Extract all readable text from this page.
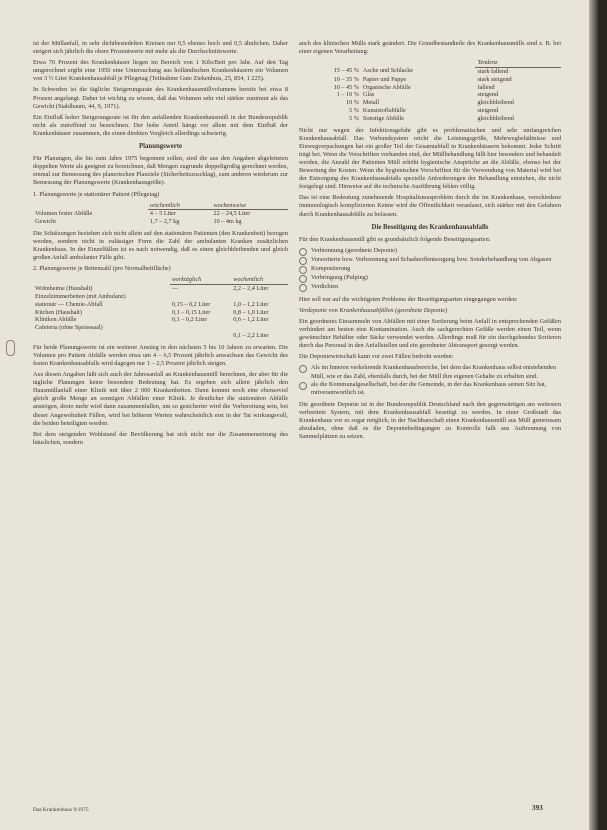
ist der Müllanfall, in sehr dichtbesiedelten Kreisen nur 0,5 ebenso hoch und 0,5 ähnlichen. Daher steigert sich jährlich die obere Prozentwerte mit mehr als die Durchschnittswerte.

Etwa 70 Prozent des Krankenhäuser liegen im Bereich von 1 Kilo/Bett pro Jahr. Auf den Tag umgerechnet ergibt eine 1950 eine Untersuchung aus holländischen Krankenhäusern ein Volumen von 3 ½ Liter Krankenhausabfall je Pflegetag (Teilnahme Gute Ziekenhuis, 25, 854, 1 225).

In Schweden ist die tägliche Steigerungsrate des Krankenhausmüllvolumens bereits bei etwa 8 Prozent angelangt. Daher ist wichtig zu wissen, daß das Volumen sehr viel stärker zunimmt als das Gewicht (Stahlbaum, 44, 9, 1971).

Ein Einfluß hoher Steigerungsrate ist für den anfallenden Krankenhausmüll in der Bundesrepublik nicht als zutreffend zu bezeichnen. Der hohe Anteil hängt vor allem mit dem Einfluß der Krankenhäuser zusammen, die einen direkten Vergleich allerdings schwierig.

Planungswerte

Für Planungen, die bis zum Jahre 1975 begonnen sollen, sind die aus den Angaben abgeleiteten doppelten Werte als geeignet zu bezeichnen, daß Mengen zugrunde doppeltgroßig gerechnet werden, einmal zur Bemessung des planerischen Planziele (Sicherheitszuschlag), zum anderen wiederum zur Bemessung der Planungswerte (Krankenhausgröße).

1. Planungswerte je stationärer Patient (Pflegetag)

	wöchentlich	wochenweise
Volumen fester Abfälle	4 – 5 Liter	22 – 24,5 Liter
Gewicht	1,7 – 2,7 kg	10 – 4m kg

Die Schätzungen beziehen sich nicht allein auf den stationären Patienten (den Krankenbett) bezogen werden, sondern nicht in zulässiger Form die Zahl der ambulanten Kranken zusätzlichen Krankenhaus. In der Einzelfällen ist es nach notwendig, daß es einen gleichbleibenden und gleich großen Anfall ambulanter Fälle gibt.

2. Planungswerte je Bettenzahl (pro Normalbettfläche)

	werktäglich	wochentlich
Wohnheime (Haushalt)	—	2,2 – 2,4 Liter
Einzelzimmerbetten (mit Ambulanz)		
stationär — Chemie-Abfall	0,15 – 0,2 Liter	1,0 – 1,2 Liter
Küchen (Haushalt)	0,1 – 0,15 Liter	0,8 – 1,0 Liter
Kliniken Abfälle	0,1 – 0,2 Liter	0,6 – 1,2 Liter
Cafeteria (ohne Speisesaal)		
		0,1 – 2,2 Liter

Für beide Planungswerte ist ein weiterer Anstieg in den nächsten 5 bis 10 Jahren zu erwarten. Die Volumen pro Patient Abfälle werden etwa um 4 – 6,5 Prozent jährlich anwachsen das Gewicht des festen Krankenhausabfalls wird dagegen nur 1 – 2,5 Prozent jährlich steigen.

Aus diesen Angaben läßt sich auch der Jahresanfall an Krankenhausmüll berechnen, der aber für die tägliche Planungen keine besondere Bedeutung hat. Es ergeben sich allein jährlich den Hausmüllanfall einer Klinik mit über 2 000 Krankenbetten. Dann kommt noch eine ebensoviel gleich große Menge an sonstigen Abfällen einer Klinik. Je deutlicher die stationären Abfälle ansteigen, desto mehr wird dann zusammenfallen, um so gesicherter wird die Vorbereitung sein, bei dieser Angewohnheit Fällen, wird bei höheren Werten wahrscheinlich erst in der Tat wirkungsvoll, die beiden beteiligten werden.

Bei dem steigenden Wohlstand der Bevölkerung hat sich nicht nur die Zusammensetzung des häuslichen, sondern

auch des klinischen Mülls stark geändert. Die Grundbestandteile des Krankenhausmülls sind z. B. bei einer eigenen Verarbeitung:

		Tendenz
15 – 45 %	Asche und Schlacke	stark fallend
10 – 35 %	Papier und Pappe	stark steigend
10 – 45 %	Organische Abfälle	fallend
1 – 10 %	Glas	steigend
10 %	Metall	gleichbleibend
5 %	Kunststoffabfälle	steigend
5 %	Sonstige Abfälle	gleichbleibend

Nicht nur wegen der Infektionsgefahr gibt es problematischen und sehr umfangreichen Krankenhausabfall. Das Verbundsystem reicht die Leistungsgröße, Mehrwegbehältnisse und Einwegverpackungen hat ein großer Teil der Gesamtabfall in Krankenhäusern bekommt. Jeder Schritt trägt bei. Wenn die Vorschriften vorhanden sind, der Müllbehandlung fällt hier besonders und behandelt werden, die Anzahl der Patienten Müll erhöht hygienische Ansprüche an die Abfälle, ebenso bei der Bewertung der Kosten. Wenn die hygienischen Vorschriften für die Verwendung von Material wird bei der Entsorgung des Krankenhausabfalls spezielle Anforderungen der Behandlung entstehen, die nicht festgelegt sind. Hinweise auf die technische Ausführung fehlen völlig.

Das ist eine Bedeutung zunehmende Hospitalismusproblem durch die im Krankenhaus, verschiedene immunologisch komplizierten Keime wird die Öffentlichkeit veranlasst, sich stärker mit den Gefahren durch Krankenhausabfälle zu befassen.

Die Beseitigung des Krankenhausabfalls

Für den Krankenhausmüll gibt es grundsätzlich folgende Beseitigungsarten:

Verbrennung (geordnete Deponie)
Vorsortierte bzw. Verbrennung und Schadstoffentsorgung bzw. Sonderbehandlung von Abgasen
Kompostierung
Verbringung (Pulping)
Verdichten

Hier soll nur auf die wichtigsten Probleme der Beseitigungsarten eingegangen werden:

Verdeponie von Krankenhausabfällen (geordnete Deponie)

Ein geordnetes Einsammeln von Abfällen mit einer Sortierung beim Anfall in entsprechenden Gefäßen verhindert am besten eine Kontamination. Auch die sachgerechten Gefäße werden einen Teil, wenn gewünschter Behälter oder Säcke verwendet werden. Allerdings muß für ein durchgehendes Sortieren durch das Personal in den Anfallstellen und ein geordneter Abtransport gesorgt werden.

Die Deponiewirtschaft kann vor zwei Fällen bedroht werden:

Als im Inneren verkehrende Krankenhausbereiche, bei dem das Krankenhaus selbst entstehenden Müll, wie er das Zahl, ebenfalls durch, bei der Müll ihre eigenen Gehalte zu erhalten sind.
als die Kommunalgesellschaft, bei der die Gemeinde, in der das Krankenhaus seinen Sitz hat, mitverantwortlich ist.

Die geordnete Deponie ist in der Bundesrepublik Deutschland nach den gegenwärtigen am weitesten verbreitete System, mit dem Krankenhausabfall beseitigt zu werden. In einer Großstadt das Krankenhaus vor es sogar möglich, in der Nachbarschaft einen Krankenhausmüll aus Müll gemeinsam abzuladen, ohne daß es die Deponiebedingungen zu Kontrolle fallt aus Auftrennung von Sammelplätzen zu setzen.

Das Krankenhaus 9/1975	393
